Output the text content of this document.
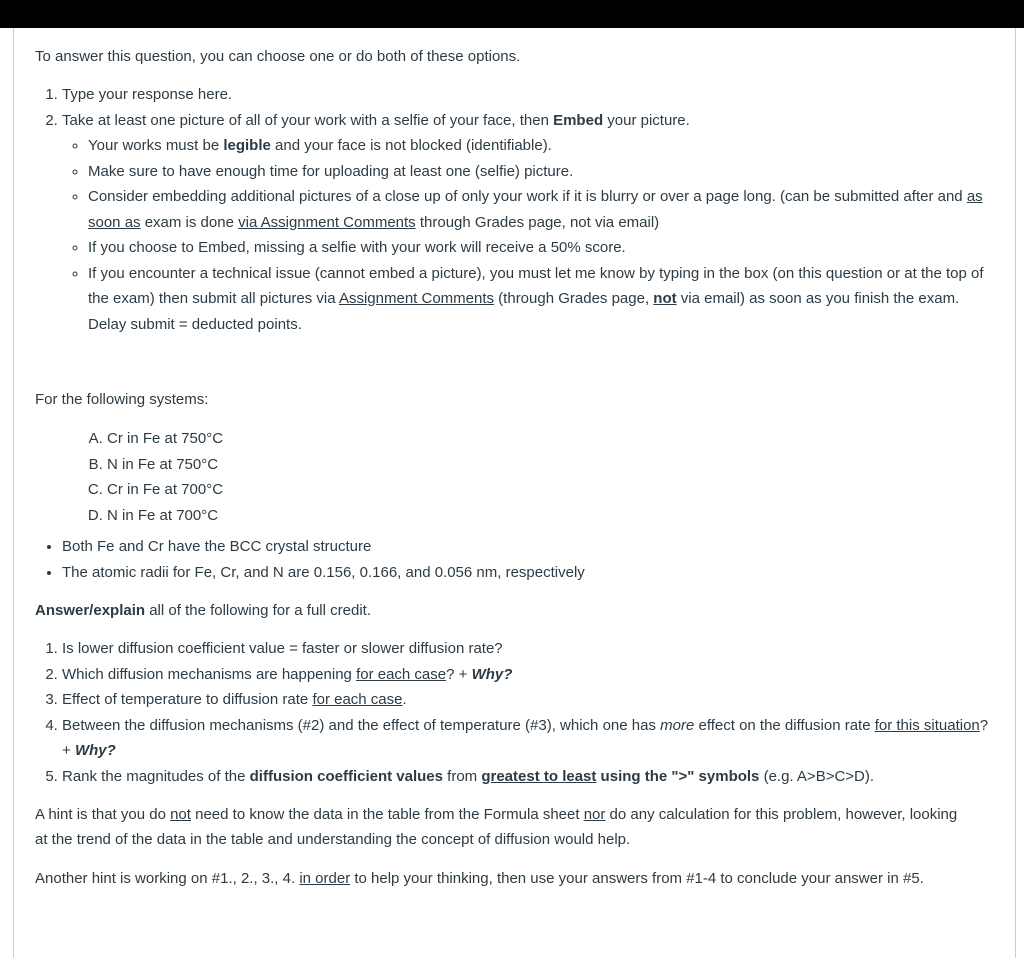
To answer this question, you can choose one or do both of these options.

1. Type your response here.
2. Take at least one picture of all of your work with a selfie of your face, then Embed your picture.
◦ Your works must be legible and your face is not blocked (identifiable).
◦ Make sure to have enough time for uploading at least one (selfie) picture.
◦ Consider embedding additional pictures of a close up of only your work if it is blurry or over a page long. (can be submitted after and as soon as exam is done via Assignment Comments through Grades page, not via email)
◦ If you choose to Embed, missing a selfie with your work will receive a 50% score.
◦ If you encounter a technical issue (cannot embed a picture), you must let me know by typing in the box (on this question or at the top of the exam) then submit all pictures via Assignment Comments (through Grades page, not via email) as soon as you finish the exam. Delay submit = deducted points.

For the following systems:

A. Cr in Fe at 750°C
B. N in Fe at 750°C
C. Cr in Fe at 700°C
D. N in Fe at 700°C
• Both Fe and Cr have the BCC crystal structure
• The atomic radii for Fe, Cr, and N are 0.156, 0.166, and 0.056 nm, respectively

Answer/explain all of the following for a full credit.

1. Is lower diffusion coefficient value = faster or slower diffusion rate?
2. Which diffusion mechanisms are happening for each case? + Why?
3. Effect of temperature to diffusion rate for each case.
4. Between the diffusion mechanisms (#2) and the effect of temperature (#3), which one has more effect on the diffusion rate for this situation? + Why?
5. Rank the magnitudes of the diffusion coefficient values from greatest to least using the ">" symbols (e.g. A>B>C>D).

A hint is that you do not need to know the data in the table from the Formula sheet nor do any calculation for this problem, however, looking at the trend of the data in the table and understanding the concept of diffusion would help.

Another hint is working on #1., 2., 3., 4. in order to help your thinking, then use your answers from #1-4 to conclude your answer in #5.
